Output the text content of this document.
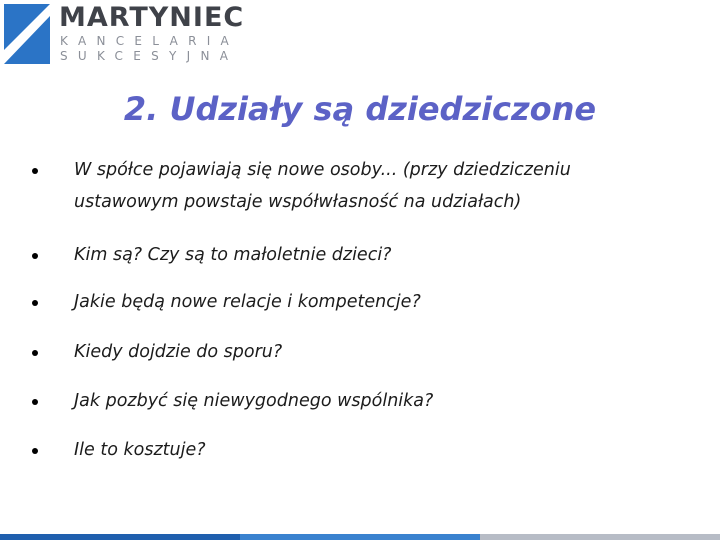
MARTYNIEC
KANCELARIA
SUKCESYJNA
2. Udziały są dziedziczone
W spółce pojawiają się nowe osoby... (przy dziedziczeniu ustawowym powstaje współwłasność na udziałach)
Kim są? Czy są to małoletnie dzieci?
Jakie będą nowe relacje i kompetencje?
Kiedy dojdzie do sporu?
Jak pozbyć się niewygodnego wspólnika?
Ile to kosztuje?
